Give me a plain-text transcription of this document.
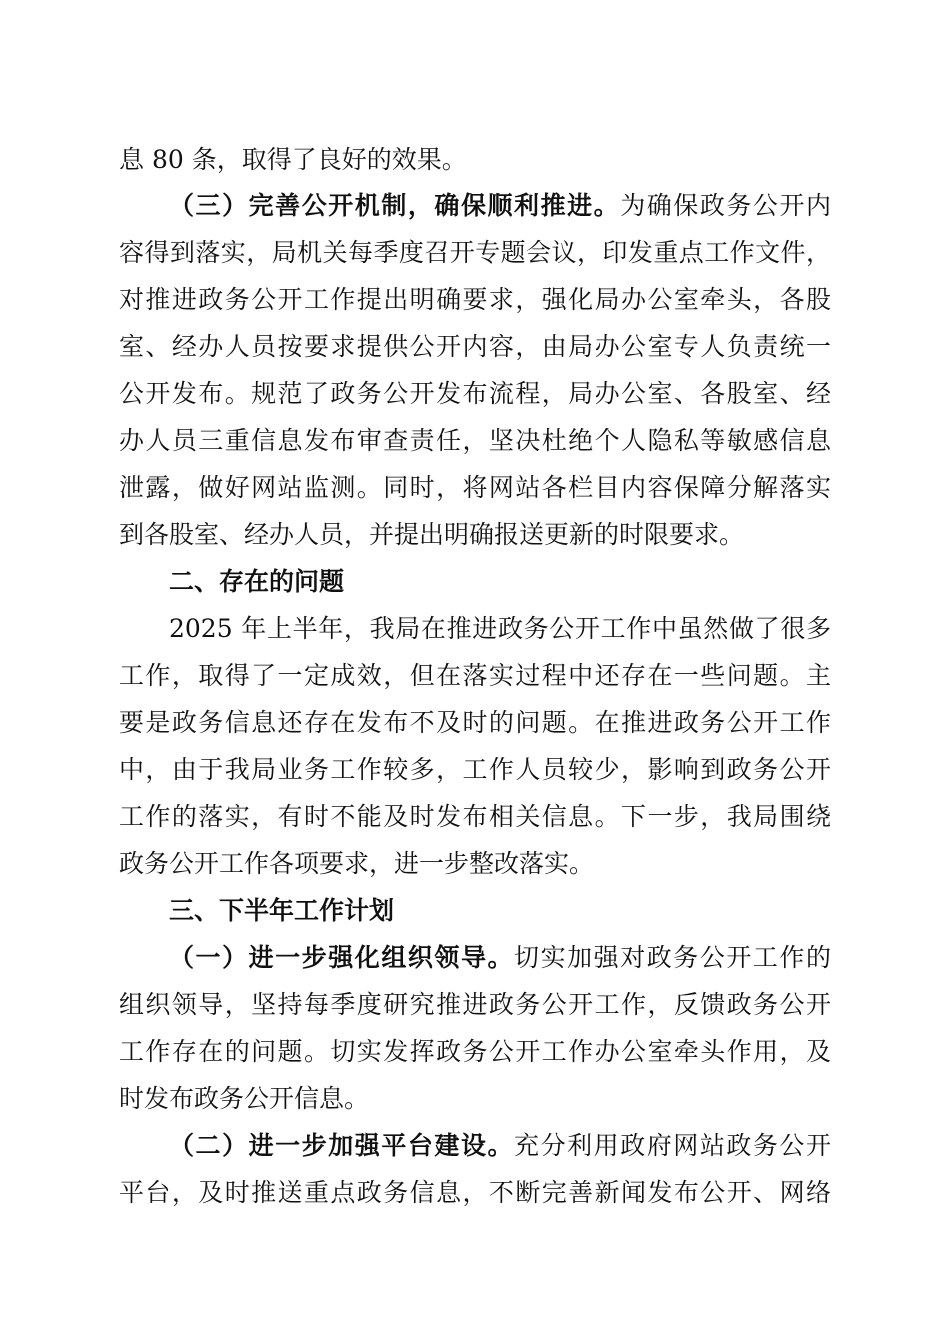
息 80 条，取得了良好的效果。
（三）完善公开机制，确保顺利推进。为确保政务公开内
容得到落实，局机关每季度召开专题会议，印发重点工作文件，
对推进政务公开工作提出明确要求，强化局办公室牵头，各股
室、经办人员按要求提供公开内容，由局办公室专人负责统一
公开发布。规范了政务公开发布流程，局办公室、各股室、经
办人员三重信息发布审查责任，坚决杜绝个人隐私等敏感信息
泄露，做好网站监测。同时，将网站各栏目内容保障分解落实
到各股室、经办人员，并提出明确报送更新的时限要求。
二、存在的问题
2025 年上半年，我局在推进政务公开工作中虽然做了很多
工作，取得了一定成效，但在落实过程中还存在一些问题。主
要是政务信息还存在发布不及时的问题。在推进政务公开工作
中，由于我局业务工作较多，工作人员较少，影响到政务公开
工作的落实，有时不能及时发布相关信息。下一步，我局围绕
政务公开工作各项要求，进一步整改落实。
三、下半年工作计划
（一）进一步强化组织领导。切实加强对政务公开工作的
组织领导，坚持每季度研究推进政务公开工作，反馈政务公开
工作存在的问题。切实发挥政务公开工作办公室牵头作用，及
时发布政务公开信息。
（二）进一步加强平台建设。充分利用政府网站政务公开
平台，及时推送重点政务信息，不断完善新闻发布公开、网络
